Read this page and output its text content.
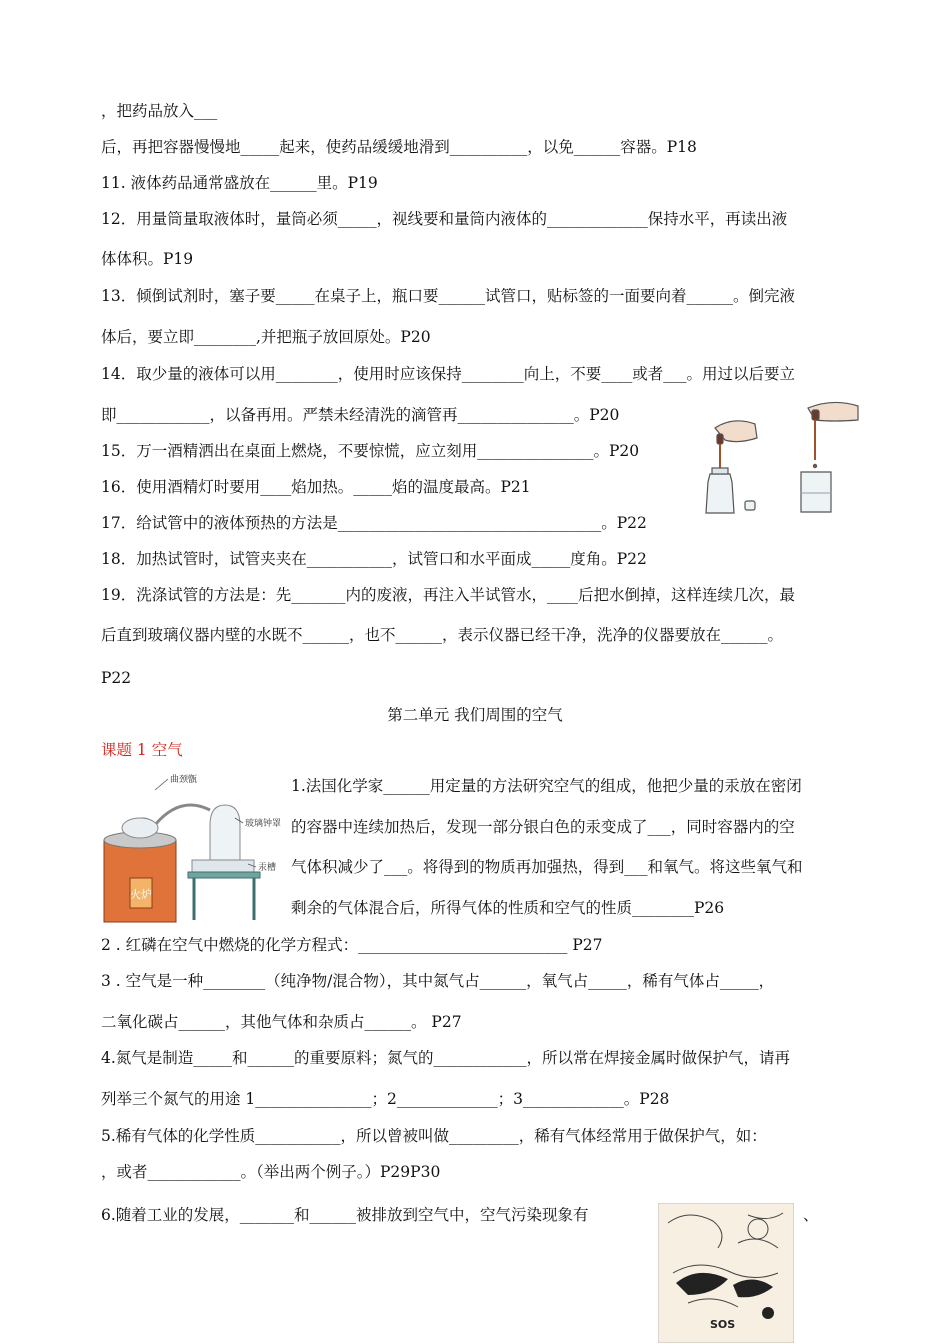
，把药品放入___
后，再把容器慢慢地_____起来，使药品缓缓地滑到__________，以免______容器。P18
11. 液体药品通常盛放在______里。P19
12．用量筒量取液体时，量筒必须_____，视线要和量筒内液体的_____________保持水平，再读出液
体体积。P19
13．倾倒试剂时，塞子要_____在桌子上，瓶口要______试管口，贴标签的一面要向着______。倒完液
体后，要立即________,并把瓶子放回原处。P20
14．取少量的液体可以用________，使用时应该保持________向上，不要____或者___。用过以后要立
即____________，以备再用。严禁未经清洗的滴管再_______________。P20
15．万一酒精洒出在桌面上燃烧，不要惊慌，应立刻用_______________。P20
16．使用酒精灯时要用____焰加热。_____焰的温度最高。P21
17．给试管中的液体预热的方法是__________________________________。P22
18．加热试管时，试管夹夹在___________，试管口和水平面成_____度角。P22
19．洗涤试管的方法是：先_______内的废液，再注入半试管水，____后把水倒掉，这样连续几次，最
后直到玻璃仪器内壁的水既不______，也不______，表示仪器已经干净，洗净的仪器要放在______。
P22
第二单元 我们周围的空气
课题 1 空气
1.法国化学家______用定量的方法研究空气的组成，他把少量的汞放在密闭
的容器中连续加热后，发现一部分银白色的汞变成了___，同时容器内的空
气体积减少了___。将得到的物质再加强热，得到___和氧气。将这些氧气和
剩余的气体混合后，所得气体的性质和空气的性质________P26
2 . 红磷在空气中燃烧的化学方程式：___________________________ P27
3 . 空气是一种________（纯净物/混合物），其中氮气占______，氧气占_____，稀有气体占_____，
二氧化碳占______，其他气体和杂质占______。 P27
4.氮气是制造_____和______的重要原料；氮气的____________，所以常在焊接金属时做保护气，请再
列举三个氮气的用途 1_______________；2_____________；3_____________。P28
5.稀有气体的化学性质___________，所以曾被叫做_________，稀有气体经常用于做保护气，如：
，或者____________。（举出两个例子。）P29P30
6.随着工业的发展，_______和______被排放到空气中，空气污染现象有	、
火炉
曲颈甑
玻璃钟罩
汞槽
SOS
